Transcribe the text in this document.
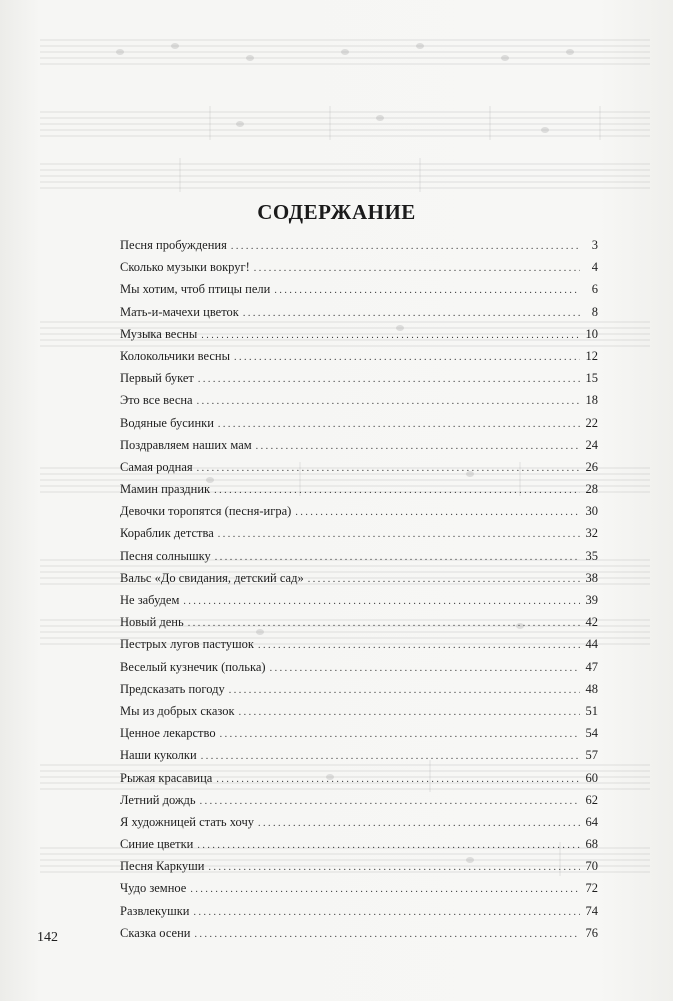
СОДЕРЖАНИЕ
Песня пробуждения . . .	3
Сколько музыки вокруг! . . .	4
Мы хотим, чтоб птицы пели . . .	6
Мать-и-мачехи цветок . . .	8
Музыка весны . . .	10
Колокольчики весны . . .	12
Первый букет . . .	15
Это все весна . . .	18
Водяные бусинки . . .	22
Поздравляем наших мам . . .	24
Самая родная . . .	26
Мамин праздник . . .	28
Девочки торопятся (песня-игра) . . .	30
Кораблик детства . . .	32
Песня солнышку . . .	35
Вальс «До свидания, детский сад» . . .	38
Не забудем . . .	39
Новый день . . .	42
Пестрых лугов пастушок . . .	44
Веселый кузнечик (полька) . . .	47
Предсказать погоду . . .	48
Мы из добрых сказок . . .	51
Ценное лекарство . . .	54
Наши куколки . . .	57
Рыжая красавица . . .	60
Летний дождь . . .	62
Я художницей стать хочу . . .	64
Синие цветки . . .	68
Песня Каркуши . . .	70
Чудо земное . . .	72
Развлекушки . . .	74
Сказка осени . . .	76
142
